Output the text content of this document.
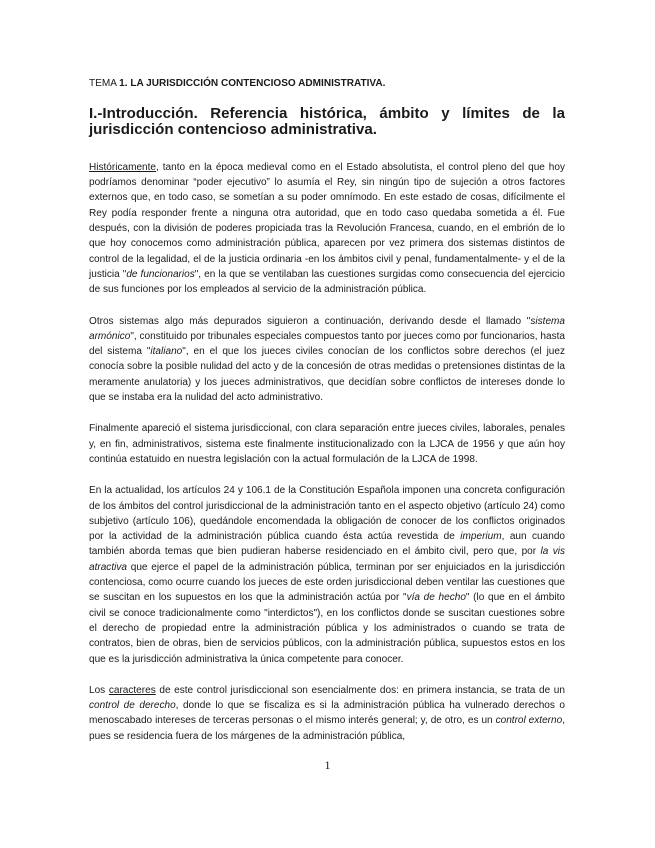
TEMA 1. LA JURISDICCIÓN CONTENCIOSO ADMINISTRATIVA.
I.-Introducción. Referencia histórica, ámbito y límites de la jurisdicción contencioso administrativa.

Históricamente, tanto en la época medieval como en el Estado absolutista, el control pleno del que hoy podríamos denominar “poder ejecutivo” lo asumía el Rey, sin ningún tipo de sujeción a otros factores externos que, en todo caso, se sometían a su poder omnímodo. En este estado de cosas, difícilmente el Rey podía responder frente a ninguna otra autoridad, que en todo caso quedaba sometida a él. Fue después, con la división de poderes propiciada tras la Revolución Francesa, cuando, en el embrión de lo que hoy conocemos como administración pública, aparecen por vez primera dos sistemas distintos de control de la legalidad, el de la justicia ordinaria -en los ámbitos civil y penal, fundamentalmente- y el de la justicia "de funcionarios", en la que se ventilaban las cuestiones surgidas como consecuencia del ejercicio de sus funciones por los empleados al servicio de la administración pública.

Otros sistemas algo más depurados siguieron a continuación, derivando desde el llamado "sistema armónico", constituido por tribunales especiales compuestos tanto por jueces como por funcionarios, hasta del sistema "italiano", en el que los jueces civiles conocían de los conflictos sobre derechos (el juez conocía sobre la posible nulidad del acto y de la concesión de otras medidas o pretensiones distintas de la meramente anulatoria) y los jueces administrativos, que decidían sobre conflictos de intereses donde lo que se instaba era la nulidad del acto administrativo.

Finalmente apareció el sistema jurisdiccional, con clara separación entre jueces civiles, laborales, penales y, en fin, administrativos, sistema este finalmente institucionalizado con la LJCA de 1956 y que aún hoy continúa estatuido en nuestra legislación con la actual formulación de la LJCA de 1998.

En la actualidad, los artículos 24 y 106.1 de la Constitución Española imponen una concreta configuración de los ámbitos del control jurisdiccional de la administración tanto en el aspecto objetivo (artículo 24) como subjetivo (artículo 106), quedándole encomendada la obligación de conocer de los conflictos originados por la actividad de la administración pública cuando ésta actúa revestida de imperium, aun cuando también aborda temas que bien pudieran haberse residenciado en el ámbito civil, pero que, por la vis atractiva que ejerce el papel de la administración pública, terminan por ser enjuiciados en la jurisdicción contenciosa, como ocurre cuando los jueces de este orden jurisdiccional deben ventilar las cuestiones que se suscitan en los supuestos en los que la administración actúa por "vía de hecho" (lo que en el ámbito civil se conoce tradicionalmente como "interdictos"), en los conflictos donde se suscitan cuestiones sobre el derecho de propiedad entre la administración pública y los administrados o cuando se trata de contratos, bien de obras, bien de servicios públicos, con la administración pública, supuestos estos en los que es la jurisdicción administrativa la única competente para conocer.

Los caracteres de este control jurisdiccional son esencialmente dos: en primera instancia, se trata de un control de derecho, donde lo que se fiscaliza es si la administración pública ha vulnerado derechos o menoscabado intereses de terceras personas o el mismo interés general; y, de otro, es un control externo, pues se residencia fuera de los márgenes de la administración pública,

1
